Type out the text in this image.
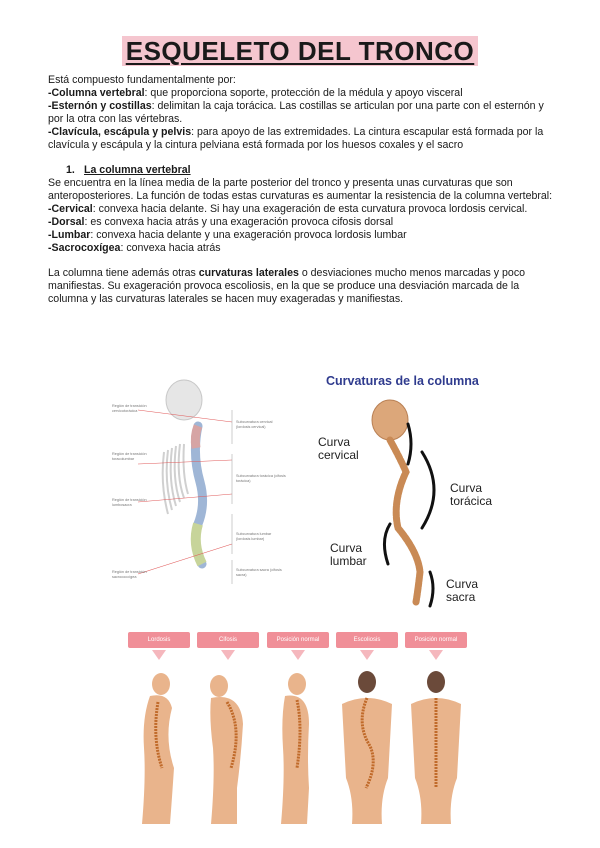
ESQUELETO DEL TRONCO

Está compuesto fundamentalmente por:

-Columna vertebral: que proporciona soporte, protección de la médula y apoyo visceral

-Esternón y costillas: delimitan la caja torácica. Las costillas se articulan por una parte con el esternón y por la otra con las vértebras.

-Clavícula, escápula y pelvis: para apoyo de las extremidades. La cintura escapular está formada por la clavícula y escápula y la cintura pelviana está formada por los huesos coxales y el sacro

1. La columna vertebral

Se encuentra en la línea media de la parte posterior del tronco y presenta unas curvaturas que son anteroposteriores. La función de todas estas curvaturas es aumentar la resistencia de la columna vertebral:

-Cervical: convexa hacia delante. Si hay una exageración de esta curvatura provoca lordosis cervical.

-Dorsal: es convexa hacia atrás y una exageración provoca cifosis dorsal

-Lumbar: convexa hacia delante y una exageración provoca lordosis lumbar

-Sacrocoxígea: convexa hacia atrás

La columna tiene además otras curvaturas laterales o desviaciones mucho menos marcadas y poco manifiestas. Su exageración provoca escoliosis, en la que se produce una desviación marcada de la columna y las curvaturas laterales se hacen muy exageradas y manifiestas.

Región de transición cervicotorácica
Región de transición toracolumbar
Región de transición lumbosacra
Región de transición sacrococcígea
Subcurvatura cervical (lordosis cervical)
Subcurvatura torácica (cifosis torácica)
Subcurvatura lumbar (lordosis lumbar)
Subcurvatura sacra (cifosis sacra)
Curvaturas de la columna
Curva
cervical
Curva
torácica
Curva
lumbar
Curva
sacra
Lordosis	Cifosis	Posición normal	Escoliosis	Posición normal
